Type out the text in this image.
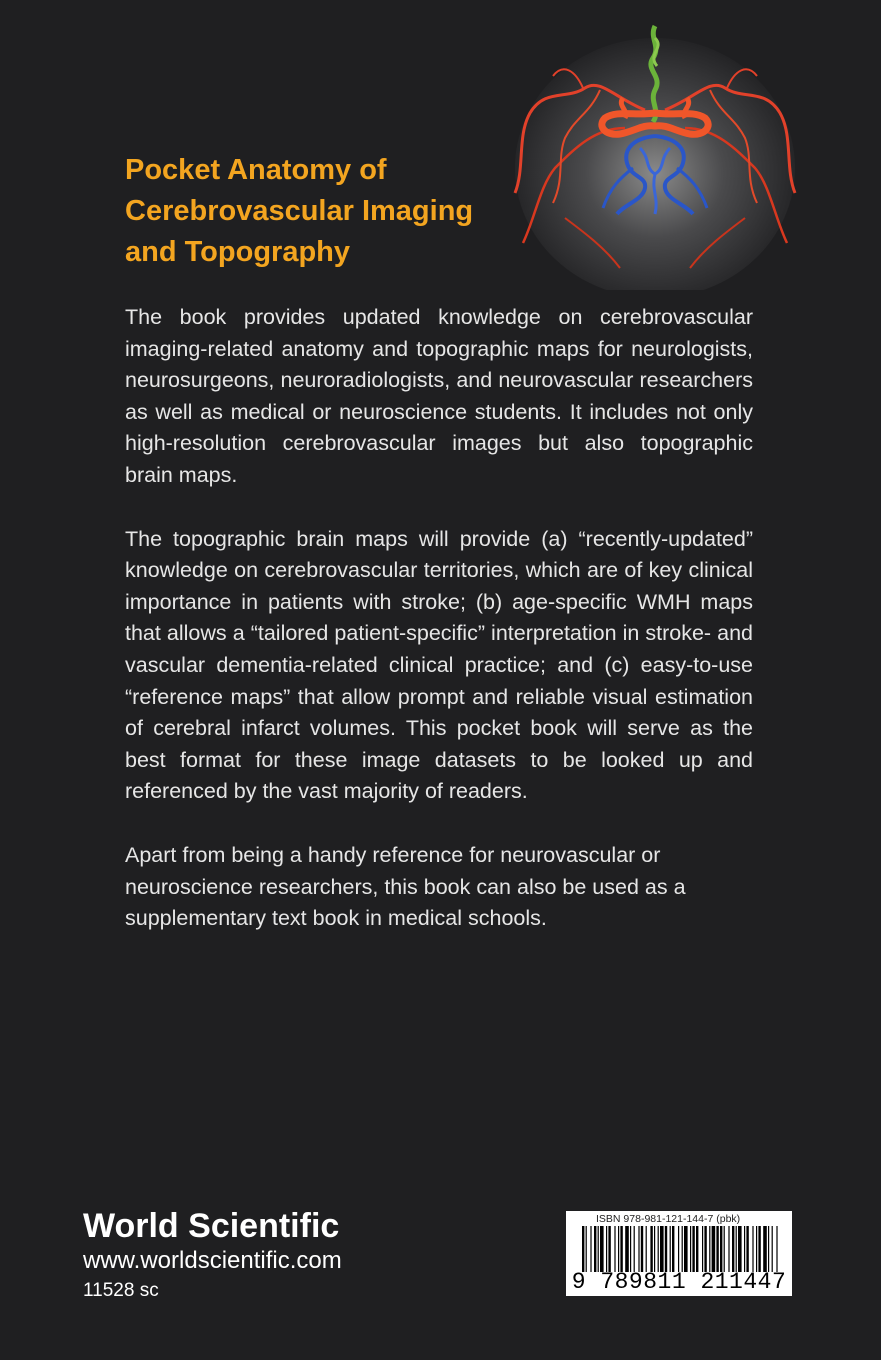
Pocket Anatomy of
Cerebrovascular Imaging
and Topography

The book provides updated knowledge on cerebrovascular imaging-related anatomy and topographic maps for neurologists, neurosurgeons, neuroradiologists, and neurovascular researchers as well as medical or neuroscience students. It includes not only high-resolution cerebrovascular images but also topographic brain maps.

The topographic brain maps will provide (a) “recently-updated” knowledge on cerebrovascular territories, which are of key clinical importance in patients with stroke; (b) age-specific WMH maps that allows a “tailored patient-specific” interpretation in stroke- and vascular dementia-related clinical practice; and (c) easy-to-use “reference maps” that allow prompt and reliable visual estimation of cerebral infarct volumes. This pocket book will serve as the best format for these image datasets to be looked up and referenced by the vast majority of readers.

Apart from being a handy reference for neurovascular or neuroscience researchers, this book can also be used as a supplementary text book in medical schools.

World Scientific
www.worldscientific.com
11528 sc
ISBN 978-981-121-144-7 (pbk)
9 789811 211447
